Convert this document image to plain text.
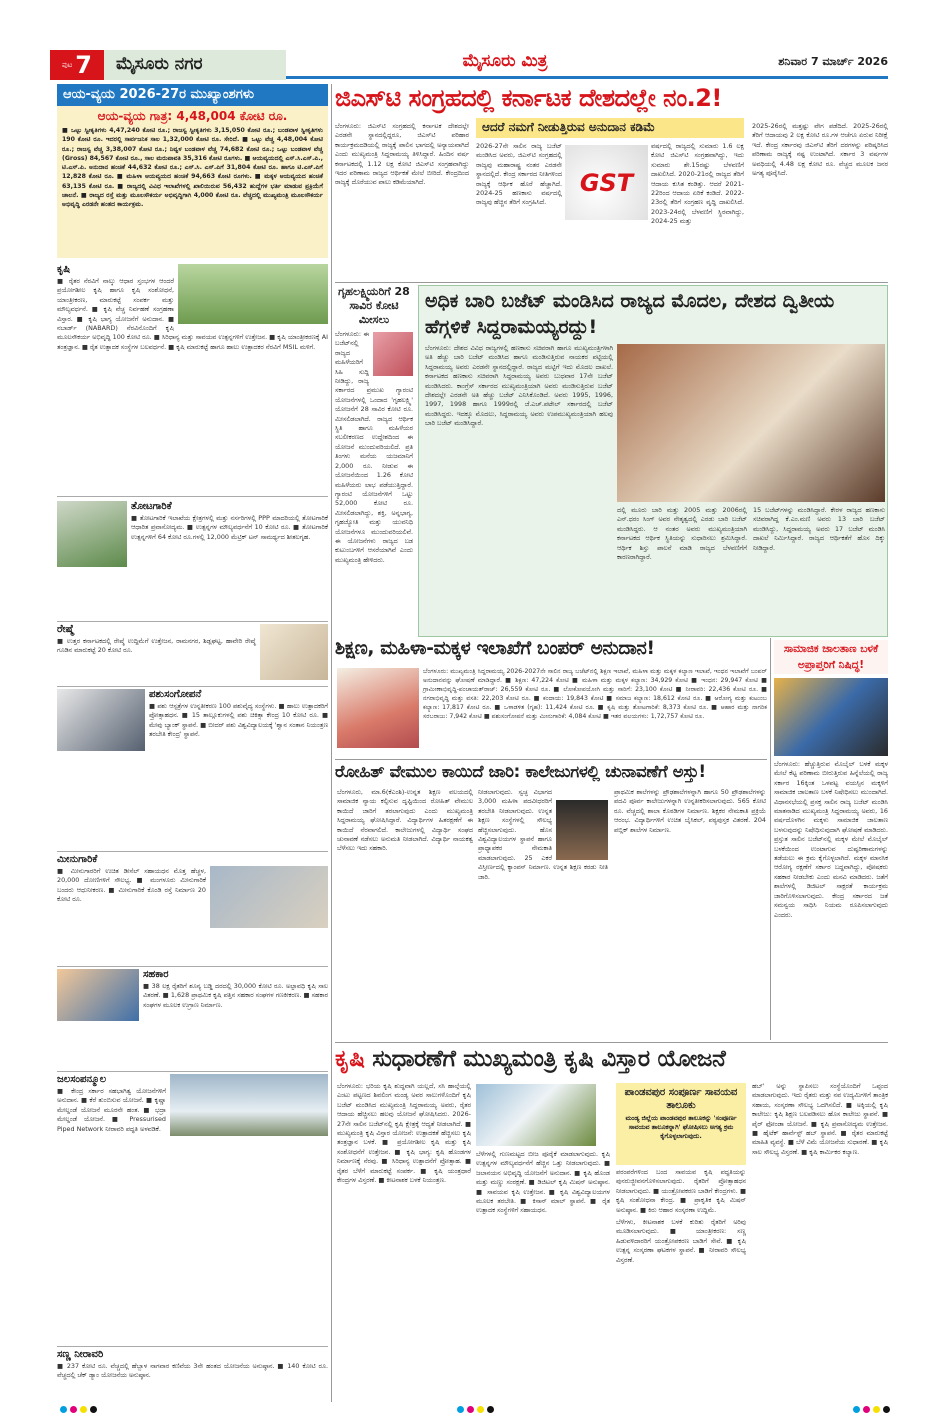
ಪುಟ 7	ಮೈಸೂರು ನಗರ	ಮೈಸೂರು ಮಿತ್ರ	ಶನಿವಾರ 7 ಮಾರ್ಚ್ 2026
ಆಯ-ವ್ಯಯ 2026-27ರ ಮುಖ್ಯಾಂಶಗಳು
ಆಯ-ವ್ಯಯ ಗಾತ್ರ: 4,48,004 ಕೋಟಿ ರೂ.
■ ಒಟ್ಟು ಸ್ವೀಕೃತಿಗಳು 4,47,240 ಕೋಟಿ ರೂ.; ರಾಜಸ್ವ ಸ್ವೀಕೃತಿಗಳು 3,15,050 ಕೋಟಿ ರೂ.; ಬಂಡವಾಳ ಸ್ವೀಕೃತಿಗಳು 190 ಕೋಟಿ ರೂ. ಇದರಲ್ಲಿ ಸಾರ್ವಜನಿಕ ಸಾಲ 1,32,000 ಕೋಟಿ ರೂ. ಸೇರಿದೆ. ■ ಒಟ್ಟು ವೆಚ್ಚ 4,48,004 ಕೋಟಿ ರೂ.; ರಾಜಸ್ವ ವೆಚ್ಚ 3,38,007 ಕೋಟಿ ರೂ.; ನಿವ್ವಳ ಬಂಡವಾಳ ವೆಚ್ಚ 74,682 ಕೋಟಿ ರೂ.; ಒಟ್ಟು ಬಂಡವಾಳ ವೆಚ್ಚ (Gross) 84,567 ಕೋಟಿ ರೂ., ಸಾಲ ಮರುಪಾವತಿ 35,316 ಕೋಟಿ ರೂಗಳು. ■ ಆಯವ್ಯಯದಲ್ಲಿ ಎಸ್.ಸಿ.ಎಸ್.ಪಿ., ಟಿ.ಎಸ್.ಪಿ. ಅನುದಾನ ಹಂಚಿಕೆ 44,632 ಕೋಟಿ ರೂ.; ಎಸ್.ಸಿ. ಎಸ್.ಪಿಗೆ 31,804 ಕೋಟಿ ರೂ. ಹಾಗೂ ಟಿ.ಎಸ್.ಪಿಗೆ 12,828 ಕೋಟಿ ರೂ. ■ ಮಹಿಳಾ ಆಯವ್ಯಯದ ಹಂಚಿಕೆ 94,663 ಕೋಟಿ ರೂಗಳು. ■ ಮಕ್ಕಳ ಆಯವ್ಯಯದ ಹಂಚಿಕೆ 63,135 ಕೋಟಿ ರೂ. ■ ರಾಜ್ಯದಲ್ಲಿ ವಿವಿಧ ಇಲಾಖೆಗಳಲ್ಲಿ ಖಾಲಿಯಿರುವ 56,432 ಹುದ್ದೆಗಳ ಭರ್ತಿ ಮಾಡುವ ಪ್ರಕ್ರಿಯೆಗೆ ಚಾಲನೆ. ■ ರಾಜ್ಯದ ರಸ್ತೆ ಮತ್ತು ಮೂಲಸೌಕರ್ಯ ಅಭಿವೃದ್ಧಿಗಾಗಿ 4,000 ಕೋಟಿ ರೂ. ವೆಚ್ಚದಲ್ಲಿ ಮುಖ್ಯಮಂತ್ರಿ ಮೂಲಸೌಕರ್ಯ ಅಭಿವೃದ್ಧಿ ಎರಡನೇ ಹಂತದ ಕಾರ್ಯಕ್ರಮ.
ಕೃಷಿ
■ ರೈತರ ನೆರವಿಗೆ ನಾಲ್ಕು ಆಧಾರ ಸ್ತಂಭಗಳ ಆಂದರೆ ಪ್ರಯೋಗಶೀಲ ಕೃಷಿ ಹಾಗೂ ಕೃಷಿ ಸಂಶೋಧನೆ, ಯಾಂತ್ರೀಕರಣ, ಮಾರುಕಟ್ಟೆ ಸಂಪರ್ಕ ಮತ್ತು ಮೌಲ್ಯವರ್ಧನೆ. ■ ಕೃಷಿ ವೆಚ್ಚ ನಿರ್ವಹಣೆ ಸಂಗ್ರಹಣಾ ವಿಸ್ತಾರ. ■ ಕೃಷಿ ಭಾಗ್ಯ ಯೋಜನೆಗೆ ಅನುದಾನ. ■ ನಬಾರ್ಡ್ (NABARD) ನೆರವಿನೊಂದಿಗೆ ಕೃಷಿ ಮೂಲಸೌಕರ್ಯ ಅಭಿವೃದ್ಧಿ 100 ಕೋಟಿ ರೂ. ■ ಸಿರಿಧಾನ್ಯ ಮತ್ತು ಸಾವಯವ ಉತ್ಪನ್ನಗಳಿಗೆ ಉತ್ತೇಜನ. ■ ಕೃಷಿ ಯಾಂತ್ರೀಕರಣಕ್ಕೆ AI ತಂತ್ರಜ್ಞಾನ. ■ ರೈತ ಉತ್ಪಾದಕ ಸಂಸ್ಥೆಗಳ ಬಲವರ್ಧನೆ. ■ ಕೃಷಿ ಮಾರುಕಟ್ಟೆ ಹಾಗೂ ಹಾಲು ಉತ್ಪಾದಕರ ನೆರವಿಗೆ MSIL ಮಳಿಗೆ.
ತೋಟಗಾರಿಕೆ
■ ತೋಟಗಾರಿಕೆ ಇಲಾಖೆಯ ಕ್ಷೇತ್ರಗಳಲ್ಲಿ ಮತ್ತು ನರ್ಸರಿಗಳಲ್ಲಿ PPP ಮಾದರಿಯಲ್ಲಿ ತೋಟಗಾರಿಕೆ ಆಧಾರಿತ ಪ್ರವಾಸೋದ್ಯಮ. ■ ಉತ್ಪನ್ನಗಳ ಮೌಲ್ಯವರ್ಧನೆಗೆ 10 ಕೋಟಿ ರೂ. ■ ತೋಟಗಾರಿಕೆ ಉತ್ಪನ್ನಗಳಿಗೆ 64 ಕೋಟಿ ರೂ.ಗಳಲ್ಲಿ 12,000 ಮೆಟ್ರಿಕ್ ಟನ್ ಸಾಮರ್ಥ್ಯದ ಶೀತಲಗೃಹ.
ರೇಷ್ಮೆ
■ ಉತ್ತರ ಕರ್ನಾಟಕದಲ್ಲಿ ರೇಷ್ಮೆ ಉದ್ದಿಮೆಗೆ ಉತ್ತೇಜನ, ರಾಮನಗರ, ಶಿಡ್ಲಘಟ್ಟ, ಹಾವೇರಿ ರೇಷ್ಮೆ ಗೂಡಿನ ಮಾರುಕಟ್ಟೆ 20 ಕೋಟಿ ರೂ.
ಪಶುಸಂಗೋಪನೆ
■ ಪಶು ಆಸ್ಪತ್ರೆಗಳ ಉನ್ನತೀಕರಣ 100 ಪಶುವೈದ್ಯ ಸಂಸ್ಥೆಗಳು. ■ ಹಾಲು ಉತ್ಪಾದಕರಿಗೆ ಪ್ರೋತ್ಸಾಹಧನ. ■ 15 ತಾಲ್ಲೂಕುಗಳಲ್ಲಿ ಪಶು ಚಿಕಿತ್ಸಾ ಕೇಂದ್ರ 10 ಕೋಟಿ ರೂ. ■ ಮೇವು ಬ್ಯಾಂಕ್ ಸ್ಥಾಪನೆ. ■ ಬೀದರ್ ಪಶು ವಿಶ್ವವಿದ್ಯಾಲಯಕ್ಕೆ 'ಶ್ವಾನ ಸಂತಾನ ನಿಯಂತ್ರಣ ತರಬೇತಿ ಕೇಂದ್ರ' ಸ್ಥಾಪನೆ.
ಮೀನುಗಾರಿಕೆ
■ ಮೀನುಗಾರರಿಗೆ ಉಚಿತ ಡೀಸೆಲ್ ಸಹಾಯಧನ ಮೊತ್ತ ಹೆಚ್ಚಳ, 20,000 ದೋಣಿಗಳಿಗೆ ಸೌಲಭ್ಯ. ■ ಮಂಗಳೂರು ಮೀನುಗಾರಿಕೆ ಬಂದರು ಆಧುನೀಕರಣ. ■ ಮೀನುಗಾರಿಕೆ ಕೊಂಡಿ ರಸ್ತೆ ನಿರ್ಮಾಣ 20 ಕೋಟಿ ರೂ.
ಸಹಕಾರ
■ 38 ಲಕ್ಷ ರೈತರಿಗೆ ಶೂನ್ಯ ಬಡ್ಡಿ ದರದಲ್ಲಿ 30,000 ಕೋಟಿ ರೂ. ಅಲ್ಪಾವಧಿ ಕೃಷಿ ಸಾಲ ವಿತರಣೆ. ■ 1,628 ಪ್ರಾಥಮಿಕ ಕೃಷಿ ಪತ್ತಿನ ಸಹಕಾರ ಸಂಘಗಳ ಗಣಕೀಕರಣ. ■ ಸಹಕಾರ ಸಂಘಗಳ ಮೂಲಕ ಉಗ್ರಾಣ ನಿರ್ಮಾಣ.
ಜಲಸಂಪನ್ಮೂಲ
■ ಕೇಂದ್ರ ಸರ್ಕಾರ ಸಹಭಾಗಿತ್ವ ಯೋಜನೆಗಳಿಗೆ ಅನುದಾನ. ■ ಕೆರೆ ತುಂಬಿಸುವ ಯೋಜನೆ. ■ ಕೃಷ್ಣಾ ಮೇಲ್ದಂಡೆ ಯೋಜನೆ ಮೂರನೇ ಹಂತ. ■ ಭದ್ರಾ ಮೇಲ್ದಂಡೆ ಯೋಜನೆ. ■ Pressurised Piped Network ನೀರಾವರಿ ಪದ್ಧತಿ ಅಳವಡಿಕೆ.
ಸಣ್ಣ ನೀರಾವರಿ
■ 237 ಕೋಟಿ ರೂ. ವೆಚ್ಚದಲ್ಲಿ ಹೆಬ್ಬಾಳ ನಾಗವಾರ ಕಣಿವೆಯ 3ನೇ ಹಂತದ ಯೋಜನೆಯ ಅನುಷ್ಠಾನ. ■ 140 ಕೋಟಿ ರೂ. ವೆಚ್ಚದಲ್ಲಿ ಚೆಕ್ ಡ್ಯಾಂ ಯೋಜನೆಯ ಅನುಷ್ಠಾನ.
ಜಿಎಸ್‌ಟಿ ಸಂಗ್ರಹದಲ್ಲಿ ಕರ್ನಾಟಕ ದೇಶದಲ್ಲೇ ನಂ.2!
ಬೆಂಗಳೂರು: ಜಿಎಸ್‌ಟಿ ಸಂಗ್ರಹದಲ್ಲಿ ಕರ್ನಾಟಕ ದೇಶದಲ್ಲೇ ಎರಡನೇ ಸ್ಥಾನದಲ್ಲಿದ್ದರೂ, ಜಿಎಸ್‌ಟಿ ಪರಿಹಾರ ಕಾರ್ಯಕ್ರಮದಡಿಯಲ್ಲಿ ರಾಜ್ಯಕ್ಕೆ ಪಾಲಿನ ಭಾಗದಲ್ಲಿ ಅನ್ಯಾಯವಾಗಿದೆ ಎಂದು ಮುಖ್ಯಮಂತ್ರಿ ಸಿದ್ದರಾಮಯ್ಯ ತಿಳಿಸಿದ್ದಾರೆ. ಹಿಂದಿನ ವರ್ಷ ಕರ್ನಾಟಕದಲ್ಲಿ 1.12 ಲಕ್ಷ ಕೋಟಿ ಜಿಎಸ್‌ಟಿ ಸಂಗ್ರಹವಾಗಿದ್ದು ಇದರ ಪರಿಣಾಮ ರಾಜ್ಯದ ಆರ್ಥಿಕತೆ ಮೇಲೆ ಬೀರಿದೆ. ಕೇಂದ್ರದಿಂದ ರಾಜ್ಯಕ್ಕೆ ದೊರೆಯುವ ಪಾಲು ಕಡಿಮೆಯಾಗಿದೆ.
ಆದರೆ ನಮಗೆ ನೀಡುತ್ತಿರುವ ಅನುದಾನ ಕಡಿಮೆ
2026-27ನೇ ಸಾಲಿನ ರಾಜ್ಯ ಬಜೆಟ್ ಮಂಡಿಸಿದ ಅವರು, ಜಿಎಸ್‌ಟಿ ಸಂಗ್ರಹದಲ್ಲಿ ರಾಜ್ಯವು ಮಹಾರಾಷ್ಟ್ರ ನಂತರ ಎರಡನೇ ಸ್ಥಾನದಲ್ಲಿದೆ. ಕೇಂದ್ರ ಸರ್ಕಾರದ ನೀತಿಗಳಿಂದ ರಾಜ್ಯಕ್ಕೆ ಆರ್ಥಿಕ ಹೊರೆ ಹೆಚ್ಚಾಗಿದೆ. 2024-25 ಹಣಕಾಸು ವರ್ಷದಲ್ಲಿ ರಾಜ್ಯವು ಹೆಚ್ಚಿನ ತೆರಿಗೆ ಸಂಗ್ರಹಿಸಿದೆ.
GST
ವರ್ಷದಲ್ಲಿ ರಾಜ್ಯದಲ್ಲಿ ಸುಮಾರು 1.6 ಲಕ್ಷ ಕೋಟಿ ಜಿಎಸ್‌ಟಿ ಸಂಗ್ರಹವಾಗಿದ್ದು, ಇದು ಸುಮಾರು ಶೇ.15ರಷ್ಟು ಬೆಳವಣಿಗೆ ದಾಖಲಿಸಿದೆ. 2020-21ರಲ್ಲಿ ರಾಜ್ಯದ ತೆರಿಗೆ ಆದಾಯ ಕುಸಿತ ಕಂಡಿತ್ತು. ಆದರೆ 2021-22ರಿಂದ ಆದಾಯ ಏರಿಕೆ ಕಂಡಿದೆ. 2022-23ರಲ್ಲಿ ತೆರಿಗೆ ಸಂಗ್ರಹಣ ವೃದ್ಧಿ ದಾಖಲಿಸಿದೆ. 2023-24ರಲ್ಲಿ ಬೆಳವಣಿಗೆ ಸ್ಥಿರವಾಗಿದ್ದು, 2024-25 ಮತ್ತು
2025-26ರಲ್ಲಿ ಮತ್ತಷ್ಟು ವೇಗ ಪಡೆದಿದೆ. 2025-26ರಲ್ಲಿ ತೆರಿಗೆ ಆದಾಯವು 2 ಲಕ್ಷ ಕೋಟಿ ರೂ.ಗಳ ಆಚೆಗೂ ಏರುವ ನಿರೀಕ್ಷೆ ಇದೆ. ಕೇಂದ್ರ ಸರ್ಕಾರವು ಜಿಎಸ್‌ಟಿ ತೆರಿಗೆ ದರಗಳನ್ನು ಪರಿಷ್ಕರಿಸಿದ ಪರಿಣಾಮ ರಾಜ್ಯಕ್ಕೆ ನಷ್ಟ ಉಂಟಾಗಿದೆ. ಸರ್ಕಾರ 3 ವರ್ಷಗಳ ಅವಧಿಯಲ್ಲಿ 4.48 ಲಕ್ಷ ಕೋಟಿ ರೂ. ವೆಚ್ಚದ ಮೂಲಕ ಜನರ ಅಗತ್ಯ ಪೂರೈಸಿದೆ.
ಗೃಹಲಕ್ಷ್ಮಿಯರಿಗೆ 28 ಸಾವಿರ ಕೋಟಿ ಮೀಸಲು
ಬೆಂಗಳೂರು: ಈ ಬಜೆಟ್‌ನಲ್ಲಿ ರಾಜ್ಯದ ಮಹಿಳೆಯರಿಗೆ ಸಿಹಿ ಸುದ್ದಿ ನೀಡಿದ್ದು, ರಾಜ್ಯ ಸರ್ಕಾರದ ಪ್ರಮುಖ ಗ್ಯಾರಂಟಿ ಯೋಜನೆಗಳಲ್ಲಿ ಒಂದಾದ 'ಗೃಹಲಕ್ಷ್ಮಿ' ಯೋಜನೆಗೆ 28 ಸಾವಿರ ಕೋಟಿ ರೂ. ಮೀಸಲಿಡಲಾಗಿದೆ. ರಾಜ್ಯದ ಆರ್ಥಿಕ ಸ್ಥಿತಿ ಹಾಗೂ ಮಹಿಳೆಯರ ಸಬಲೀಕರಣದ ಉದ್ದೇಶದಿಂದ ಈ ಯೋಜನೆ ಮುಂದುವರಿಯಲಿದೆ. ಪ್ರತಿ ತಿಂಗಳು ಮನೆಯ ಯಜಮಾನಿಗೆ 2,000 ರೂ. ನೀಡುವ ಈ ಯೋಜನೆಯಿಂದ 1.26 ಕೋಟಿ ಮಹಿಳೆಯರು ಲಾಭ ಪಡೆಯುತ್ತಿದ್ದಾರೆ. ಗ್ಯಾರಂಟಿ ಯೋಜನೆಗಳಿಗೆ ಒಟ್ಟು 52,000 ಕೋಟಿ ರೂ. ಮೀಸಲಿಡಲಾಗಿದ್ದು, ಶಕ್ತಿ, ಅನ್ನಭಾಗ್ಯ, ಗೃಹಜ್ಯೋತಿ ಮತ್ತು ಯುವನಿಧಿ ಯೋಜನೆಗಳೂ ಮುಂದುವರಿಯಲಿವೆ. ಈ ಯೋಜನೆಗಳು ರಾಜ್ಯದ ಬಡ ಕುಟುಂಬಗಳಿಗೆ ಆಸರೆಯಾಗಿವೆ ಎಂದು ಮುಖ್ಯಮಂತ್ರಿ ಹೇಳಿದರು.
ಅಧಿಕ ಬಾರಿ ಬಜೆಟ್ ಮಂಡಿಸಿದ ರಾಜ್ಯದ ಮೊದಲ, ದೇಶದ ದ್ವಿತೀಯ ಹೆಗ್ಗಳಿಕೆ ಸಿದ್ದರಾಮಯ್ಯರದ್ದು!
ಬೆಂಗಳೂರು: ದೇಶದ ವಿವಿಧ ರಾಜ್ಯಗಳಲ್ಲಿ ಹಣಕಾಸು ಸಚಿವರಾಗಿ ಹಾಗೂ ಮುಖ್ಯಮಂತ್ರಿಗಳಾಗಿ ಅತಿ ಹೆಚ್ಚು ಬಾರಿ ಬಜೆಟ್ ಮಂಡಿಸಿದ ಹಾಗೂ ಮಂಡಿಸುತ್ತಿರುವ ನಾಯಕರ ಪಟ್ಟಿಯಲ್ಲಿ ಸಿದ್ದರಾಮಯ್ಯ ಅವರು ಎರಡನೇ ಸ್ಥಾನದಲ್ಲಿದ್ದಾರೆ. ರಾಜ್ಯದ ಮಟ್ಟಿಗೆ ಇದು ಮೊದಲ ದಾಖಲೆ. ಕರ್ನಾಟಕದ ಹಣಕಾಸು ಸಚಿವರಾಗಿ ಸಿದ್ದರಾಮಯ್ಯ ಅವರು ಬುಧವಾರ 17ನೇ ಬಜೆಟ್ ಮಂಡಿಸಿದರು. ಕಾಂಗ್ರೆಸ್ ಸರ್ಕಾರದ ಮುಖ್ಯಮಂತ್ರಿಯಾಗಿ ಅವರು ಮಂಡಿಸುತ್ತಿರುವ ಬಜೆಟ್ ದೇಶದಲ್ಲೇ ಎರಡನೇ ಅತಿ ಹೆಚ್ಚು ಬಜೆಟ್ ಎನಿಸಿಕೊಂಡಿದೆ. ಅವರು 1995, 1996, 1997, 1998 ಹಾಗೂ 1999ರಲ್ಲಿ ಜೆ.ಎಚ್.ಪಟೇಲ್ ಸರ್ಕಾರದಲ್ಲಿ ಬಜೆಟ್ ಮಂಡಿಸಿದ್ದರು. ಇದಕ್ಕೂ ಮೊದಲು, ಸಿದ್ದರಾಮಯ್ಯ ಅವರು ಉಪಮುಖ್ಯಮಂತ್ರಿಯಾಗಿ ಹಲವು ಬಾರಿ ಬಜೆಟ್ ಮಂಡಿಸಿದ್ದಾರೆ.
ದಲ್ಲಿ ಮೂರು ಬಾರಿ ಮತ್ತು 2005 ಮತ್ತು 2006ರಲ್ಲಿ ಎನ್.ಧರಂ ಸಿಂಗ್ ಅವರ ನೇತೃತ್ವದಲ್ಲಿ ಎರಡು ಬಾರಿ ಬಜೆಟ್ ಮಂಡಿಸಿದ್ದರು. ಆ ನಂತರ ಅವರು ಮುಖ್ಯಮಂತ್ರಿಯಾಗಿ ಕರ್ನಾಟಕದ ಆರ್ಥಿಕ ಸ್ಥಿತಿಯನ್ನು ಸುಧಾರಿಸಲು ಶ್ರಮಿಸಿದ್ದಾರೆ. ಆರ್ಥಿಕ ಶಿಸ್ತು ಪಾಲನೆ ಮಾಡಿ ರಾಜ್ಯದ ಬೆಳವಣಿಗೆಗೆ ಕಾರಣರಾಗಿದ್ದಾರೆ.
15 ಬಜೆಟ್‌ಗಳನ್ನು ಮಂಡಿಸಿದ್ದಾರೆ. ಕೇರಳ ರಾಜ್ಯದ ಹಣಕಾಸು ಸಚಿವರಾಗಿದ್ದ ಕೆ.ಎಂ.ಮಣಿ ಅವರು 13 ಬಾರಿ ಬಜೆಟ್ ಮಂಡಿಸಿದ್ದು, ಸಿದ್ದರಾಮಯ್ಯ ಅವರು 17 ಬಜೆಟ್ ಮಂಡಿಸಿ ದಾಖಲೆ ನಿರ್ಮಿಸಿದ್ದಾರೆ. ರಾಜ್ಯದ ಆರ್ಥಿಕತೆಗೆ ಹೊಸ ದಿಕ್ಕು ನೀಡಿದ್ದಾರೆ.
ಶಿಕ್ಷಣ, ಮಹಿಳಾ-ಮಕ್ಕಳ ಇಲಾಖೆಗೆ ಬಂಪರ್ ಅನುದಾನ!
ಬೆಂಗಳೂರು: ಮುಖ್ಯಮಂತ್ರಿ ಸಿದ್ದರಾಮಯ್ಯ 2026-2027ನೇ ಸಾಲಿನ ರಾಜ್ಯ ಬಜೆಟ್‌ನಲ್ಲಿ ಶಿಕ್ಷಣ ಇಲಾಖೆ, ಮಹಿಳಾ ಮತ್ತು ಮಕ್ಕಳ ಕಲ್ಯಾಣ ಇಲಾಖೆ, ಇಂಧನ ಇಲಾಖೆಗೆ ಬಂಪರ್ ಅನುದಾನವನ್ನು ಘೋಷಣೆ ಮಾಡಿದ್ದಾರೆ. ■ ಶಿಕ್ಷಣ: 47,224 ಕೋಟಿ ■ ಮಹಿಳಾ ಮತ್ತು ಮಕ್ಕಳ ಕಲ್ಯಾಣ: 34,929 ಕೋಟಿ ■ ಇಂಧನ: 29,947 ಕೋಟಿ ■ ಗ್ರಾಮೀಣಾಭಿವೃದ್ಧಿ-ಪಂಚಾಯತ್‌ರಾಜ್: 26,559 ಕೋಟಿ ರೂ. ■ ಲೋಕೋಪಯೋಗಿ ಮತ್ತು ಸಾರಿಗೆ: 23,100 ಕೋಟಿ ■ ನೀರಾವರಿ: 22,436 ಕೋಟಿ ರೂ. ■ ನಗರಾಭಿವೃದ್ಧಿ ಮತ್ತು ವಸತಿ: 22,203 ಕೋಟಿ ರೂ. ■ ಕಂದಾಯ: 19,843 ಕೋಟಿ ■ ಸಮಾಜ ಕಲ್ಯಾಣ: 18,612 ಕೋಟಿ ರೂ. ■ ಆರೋಗ್ಯ ಮತ್ತು ಕುಟುಂಬ ಕಲ್ಯಾಣ: 17,817 ಕೋಟಿ ರೂ. ■ ಒಳಾಡಳಿತ (ಗೃಹ): 11,424 ಕೋಟಿ ರೂ. ■ ಕೃಷಿ ಮತ್ತು ತೋಟಗಾರಿಕೆ: 8,373 ಕೋಟಿ ರೂ. ■ ಆಹಾರ ಮತ್ತು ನಾಗರಿಕ ಸರಬರಾಜು: 7,942 ಕೋಟಿ ■ ಪಶುಸಂಗೋಪನೆ ಮತ್ತು ಮೀನುಗಾರಿಕೆ: 4,084 ಕೋಟಿ ■ ಇತರ ವಲಯಗಳು: 1,72,757 ಕೋಟಿ ರೂ.
ಸಾಮಾಜಿಕ ಜಾಲತಾಣ ಬಳಕೆ ಅಪ್ರಾಪ್ತರಿಗೆ ನಿಷಿದ್ಧ!
ಬೆಂಗಳೂರು: ಹೆಚ್ಚುತ್ತಿರುವ ಮೊಬೈಲ್ ಬಳಕೆ ಮಕ್ಕಳ ಮೇಲೆ ಕೆಟ್ಟ ಪರಿಣಾಮ ಬೀರುತ್ತಿರುವ ಹಿನ್ನೆಲೆಯಲ್ಲಿ ರಾಜ್ಯ ಸರ್ಕಾರ 16ಕ್ಕಿಂತ ಒಳಪಟ್ಟ ವಯಸ್ಸಿನ ಮಕ್ಕಳಿಗೆ ಸಾಮಾಜಿಕ ಜಾಲತಾಣ ಬಳಕೆ ನಿಷೇಧಿಸಲು ಮುಂದಾಗಿದೆ. ವಿಧಾನಸಭೆಯಲ್ಲಿ ಪ್ರಸಕ್ತ ಸಾಲಿನ ರಾಜ್ಯ ಬಜೆಟ್ ಮಂಡಿಸಿ ಮಾತನಾಡಿದ ಮುಖ್ಯಮಂತ್ರಿ ಸಿದ್ದರಾಮಯ್ಯ ಅವರು, 16 ವರ್ಷದೊಳಗಿನ ಮಕ್ಕಳು ಸಾಮಾಜಿಕ ಜಾಲತಾಣ ಬಳಸುವುದನ್ನು ನಿಷೇಧಿಸುವುದಾಗಿ ಘೋಷಣೆ ಮಾಡಿದರು. ಪ್ರಸ್ತುತ ಸಾಲಿನ ಬಜೆಟ್‌ನಲ್ಲಿ ಮಕ್ಕಳ ಮೇಲೆ ಮೊಬೈಲ್ ಬಳಕೆಯಿಂದ ಉಂಟಾಗುವ ದುಷ್ಪರಿಣಾಮಗಳನ್ನು ತಡೆಯಲು ಈ ಕ್ರಮ ಕೈಗೊಳ್ಳಲಾಗಿದೆ. ಮಕ್ಕಳ ಮಾನಸಿಕ ಆರೋಗ್ಯ ರಕ್ಷಣೆಗೆ ಸರ್ಕಾರ ಬದ್ಧವಾಗಿದ್ದು, ಪೋಷಕರು ಸಹಕಾರ ನೀಡಬೇಕು ಎಂದು ಮನವಿ ಮಾಡಿದರು. ಜತೆಗೆ ಶಾಲೆಗಳಲ್ಲಿ ಡಿಜಿಟಲ್ ಸಾಕ್ಷರತೆ ಕಾರ್ಯಕ್ರಮ ಜಾರಿಗೊಳಿಸಲಾಗುವುದು. ಕೇಂದ್ರ ಸರ್ಕಾರದ ಜತೆ ಸಮನ್ವಯ ಸಾಧಿಸಿ ನಿಯಮ ರೂಪಿಸಲಾಗುವುದು ಎಂದರು.
ರೋಹಿತ್ ವೇಮುಲ ಕಾಯಿದೆ ಜಾರಿ: ಕಾಲೇಜುಗಳಲ್ಲಿ ಚುನಾವಣೆಗೆ ಅಸ್ತು!
ಬೆಂಗಳೂರು, ಮಾ.6(ಕೆಎಂಶಿ)-ಉನ್ನತ ಶಿಕ್ಷಣ ವಲಯದಲ್ಲಿ ಸಾಮಾಜಿಕ ನ್ಯಾಯ ಕಲ್ಪಿಸುವ ದೃಷ್ಟಿಯಿಂದ ರೋಹಿತ್ ವೇಮುಲ ಕಾಯಿದೆ ಜಾರಿಗೆ ತರಲಾಗುವುದು ಎಂದು ಮುಖ್ಯಮಂತ್ರಿ ಸಿದ್ದರಾಮಯ್ಯ ಘೋಷಿಸಿದ್ದಾರೆ. ವಿದ್ಯಾರ್ಥಿಗಳ ಹಿತರಕ್ಷಣೆಗೆ ಈ ಕಾಯಿದೆ ನೆರವಾಗಲಿದೆ. ಕಾಲೇಜುಗಳಲ್ಲಿ ವಿದ್ಯಾರ್ಥಿ ಸಂಘದ ಚುನಾವಣೆ ನಡೆಸಲು ಅನುಮತಿ ನೀಡಲಾಗಿದೆ. ವಿದ್ಯಾರ್ಥಿ ನಾಯಕತ್ವ ಬೆಳೆಸಲು ಇದು ಸಹಕಾರಿ.
ನೀಡಲಾಗುವುದು. ಸ್ವಚ್ಛ ವಿಭಾಗದ 3,000 ಮಹಿಳಾ ಪದವೀಧರರಿಗೆ ತರಬೇತಿ ನೀಡಲಾಗುವುದು. ಉನ್ನತ ಶಿಕ್ಷಣ ಸಂಸ್ಥೆಗಳಲ್ಲಿ ಸೌಲಭ್ಯ ಹೆಚ್ಚಿಸಲಾಗುವುದು. ಹೊಸ ವಿಶ್ವವಿದ್ಯಾಲಯಗಳ ಸ್ಥಾಪನೆ ಹಾಗೂ ಪ್ರಾಧ್ಯಾಪಕರ ನೇಮಕಾತಿ ಮಾಡಲಾಗುವುದು. 25 ಎಕರೆ ವಿಸ್ತೀರ್ಣದಲ್ಲಿ ಕ್ಯಾಂಪಸ್ ನಿರ್ಮಾಣ. ಉನ್ನತ ಶಿಕ್ಷಣ ಕರಡು ನೀತಿ ಜಾರಿ.
ಪ್ರಾಥಮಿಕ ಶಾಲೆಗಳನ್ನು ಪ್ರೌಢಶಾಲೆಗಳನ್ನಾಗಿ ಹಾಗೂ 50 ಪ್ರೌಢಶಾಲೆಗಳನ್ನು ಪದವಿ ಪೂರ್ವ ಕಾಲೇಜುಗಳನ್ನಾಗಿ ಉನ್ನತೀಕರಿಸಲಾಗುವುದು. 565 ಕೋಟಿ ರೂ. ವೆಚ್ಚದಲ್ಲಿ ಶಾಲಾ ಕೊಠಡಿಗಳ ನಿರ್ಮಾಣ. ಶಿಕ್ಷಕರ ನೇಮಕಾತಿ ಪ್ರಕ್ರಿಯೆ ಆರಂಭ. ವಿದ್ಯಾರ್ಥಿಗಳಿಗೆ ಉಚಿತ ಬೈಸಿಕಲ್, ಪಠ್ಯಪುಸ್ತಕ ವಿತರಣೆ. 204 ಪಬ್ಲಿಕ್ ಶಾಲೆಗಳ ನಿರ್ಮಾಣ.
ಕೃಷಿ ಸುಧಾರಣೆಗೆ ಮುಖ್ಯಮಂತ್ರಿ ಕೃಷಿ ವಿಸ್ತಾರ ಯೋಜನೆ
ಬೆಂಗಳೂರು: ಭರಿಯ ಕೃಷಿ ಶುದ್ಧವಾಗಿ ಯಲ್ಲದೆ, ಸಸಿ ಹಾಲ್ಗೆಯಲ್ಲಿ ಎಂಟು ಪಟ್ಟಣದ ಶಿವಲಿಂಗ ಮಂಡ್ಯ ಅವರ ಸಾಲುಗಳೊಂದಿಗೆ ಕೃಷಿ ಬಜೆಟ್ ಮಂಡಿಸಿದ ಮುಖ್ಯಮಂತ್ರಿ ಸಿದ್ದರಾಮಯ್ಯ ಅವರು, ರೈತರ ಆದಾಯ ಹೆಚ್ಚಿಸಲು ಹಲವು ಯೋಜನೆ ಘೋಷಿಸಿದರು. 2026-27ನೇ ಸಾಲಿನ ಬಜೆಟ್‌ನಲ್ಲಿ ಕೃಷಿ ಕ್ಷೇತ್ರಕ್ಕೆ ಆದ್ಯತೆ ನೀಡಲಾಗಿದೆ. ■ ಮುಖ್ಯಮಂತ್ರಿ ಕೃಷಿ ವಿಸ್ತಾರ ಯೋಜನೆ: ಉತ್ಪಾದಕತೆ ಹೆಚ್ಚಿಸಲು ಕೃಷಿ ತಂತ್ರಜ್ಞಾನ ಬಳಕೆ. ■ ಪ್ರಯೋಗಶೀಲ ಕೃಷಿ ಮತ್ತು ಕೃಷಿ ಸಂಶೋಧನೆಗೆ ಉತ್ತೇಜನ. ■ ಕೃಷಿ ಭಾಗ್ಯ: ಕೃಷಿ ಹೊಂಡಗಳ ನಿರ್ಮಾಣಕ್ಕೆ ನೆರವು. ■ ಸಿರಿಧಾನ್ಯ ಉತ್ಪಾದನೆಗೆ ಪ್ರೋತ್ಸಾಹ. ■ ರೈತರ ಬೆಳೆಗೆ ಮಾರುಕಟ್ಟೆ ಸಂಪರ್ಕ. ■ ಕೃಷಿ ಯಂತ್ರಧಾರೆ ಕೇಂದ್ರಗಳ ವಿಸ್ತರಣೆ. ■ ಕೀಟನಾಶಕ ಬಳಕೆ ನಿಯಂತ್ರಣ.
ಬೆಳೆಗಳಲ್ಲಿ ಗುಣಮಟ್ಟದ ಬೀಜ ಪೂರೈಕೆ ಮಾಡಲಾಗುವುದು. ಕೃಷಿ ಉತ್ಪನ್ನಗಳ ಮೌಲ್ಯವರ್ಧನೆಗೆ ಹೆಚ್ಚಿನ ಒತ್ತು ನೀಡಲಾಗುವುದು. ■ ಜಲಾನಯನ ಅಭಿವೃದ್ಧಿ ಯೋಜನೆಗೆ ಅನುದಾನ. ■ ಕೃಷಿ ಹೊಂಡ ಮತ್ತು ಮಣ್ಣು ಸಂರಕ್ಷಣೆ. ■ ಡಿಜಿಟಲ್ ಕೃಷಿ ಮಿಷನ್ ಅನುಷ್ಠಾನ. ■ ಸಾವಯವ ಕೃಷಿ ಉತ್ತೇಜನ. ■ ಕೃಷಿ ವಿಶ್ವವಿದ್ಯಾಲಯಗಳ ಮೂಲಕ ತರಬೇತಿ. ■ ಕಿಸಾನ್ ಮಾಲ್ ಸ್ಥಾಪನೆ. ■ ರೈತ ಉತ್ಪಾದಕ ಸಂಸ್ಥೆಗಳಿಗೆ ಸಹಾಯಧನ.
ಪಾಂಡವಪುರ ಸಂಪೂರ್ಣ ಸಾವಯವ ತಾಲೂಕು
ಮಂಡ್ಯ ಜಿಲ್ಲೆಯ ಪಾಂಡವಪುರ ತಾಲೂಕನ್ನು 'ಸಂಪೂರ್ಣ ಸಾವಯವ ತಾಲೂಕನ್ನಾಗಿ' ಘೋಷಿಸಲು ಅಗತ್ಯ ಕ್ರಮ ಕೈಗೊಳ್ಳಲಾಗುವುದು.
ಪರಂಪರೆಗಳಿಂದ ಬಂದ ಸಾವಯವ ಕೃಷಿ ಪದ್ಧತಿಯನ್ನು ಪುನರುಜ್ಜೀವನಗೊಳಿಸಲಾಗುವುದು. ರೈತರಿಗೆ ಪ್ರೋತ್ಸಾಹಧನ ನೀಡಲಾಗುವುದು. ■ ಯಂತ್ರೋಪಕರಣ ಬಾಡಿಗೆ ಕೇಂದ್ರಗಳು. ■ ಕೃಷಿ ಸಂಶೋಧನಾ ಕೇಂದ್ರ. ■ ಪ್ರಾಕೃತಿಕ ಕೃಷಿ ಮಿಷನ್ ಅನುಷ್ಠಾನ. ■ ಕಿರು ಆಹಾರ ಸಂಸ್ಕರಣಾ ಉದ್ದಿಮೆ.
ಬೆಳೆಗಳು, ಕೀಟನಾಶಕ ಬಳಕೆ ಕುರಿತು ರೈತರಿಗೆ ಅರಿವು ಮೂಡಿಸಲಾಗುವುದು. ■ ಯಾಂತ್ರೀಕರಣ: ಸಣ್ಣ ಹಿಡುವಳಿದಾರರಿಗೆ ಯಂತ್ರೋಪಕರಣ ಬಾಡಿಗೆ ಸೇವೆ. ■ ಕೃಷಿ ಉತ್ಪನ್ನ ಸಂಸ್ಕರಣಾ ಘಟಕಗಳ ಸ್ಥಾಪನೆ. ■ ನೀರಾವರಿ ಸೌಲಭ್ಯ ವಿಸ್ತರಣೆ.
ಹಬ್' ಅನ್ನು ಸ್ಥಾಪಿಸಲು ಸಂಸ್ಥೆಯೊಂದಿಗೆ ಒಪ್ಪಂದ ಮಾಡಲಾಗುವುದು. ಇದು ರೈತರು ಮತ್ತು ನವ ಉದ್ಯಮಿಗಳಿಗೆ ತಾಂತ್ರಿಕ ಸಹಾಯ, ಸಂಸ್ಕರಣಾ ಸೌಲಭ್ಯ ಒದಗಿಸಲಿದೆ. ■ ಅಕ್ಕಿಯಲ್ಲಿ ಕೃಷಿ ಕಾಲೇಜು: ಕೃಷಿ ಶಿಕ್ಷಣ ಬಲಪಡಿಸಲು ಹೊಸ ಕಾಲೇಜು ಸ್ಥಾಪನೆ. ■ ಪೈರ್ ಫೋಂಡಾ ಯೋಜನೆ. ■ ಕೃಷಿ ಪ್ರವಾಸೋದ್ಯಮ ಉತ್ತೇಜನ. ■ ಹೈಟೆಕ್ ಹಾರ್ವೆಸ್ಟ್ ಹಬ್ ಸ್ಥಾಪನೆ. ■ ರೈತರ ಮಾರುಕಟ್ಟೆ ಮಾಹಿತಿ ವ್ಯವಸ್ಥೆ. ■ ಬೆಳೆ ವಿಮೆ ಯೋಜನೆಯ ಸುಧಾರಣೆ. ■ ಕೃಷಿ ಸಾಲ ಸೌಲಭ್ಯ ವಿಸ್ತರಣೆ. ■ ಕೃಷಿ ಕಾರ್ಮಿಕರ ಕಲ್ಯಾಣ.
